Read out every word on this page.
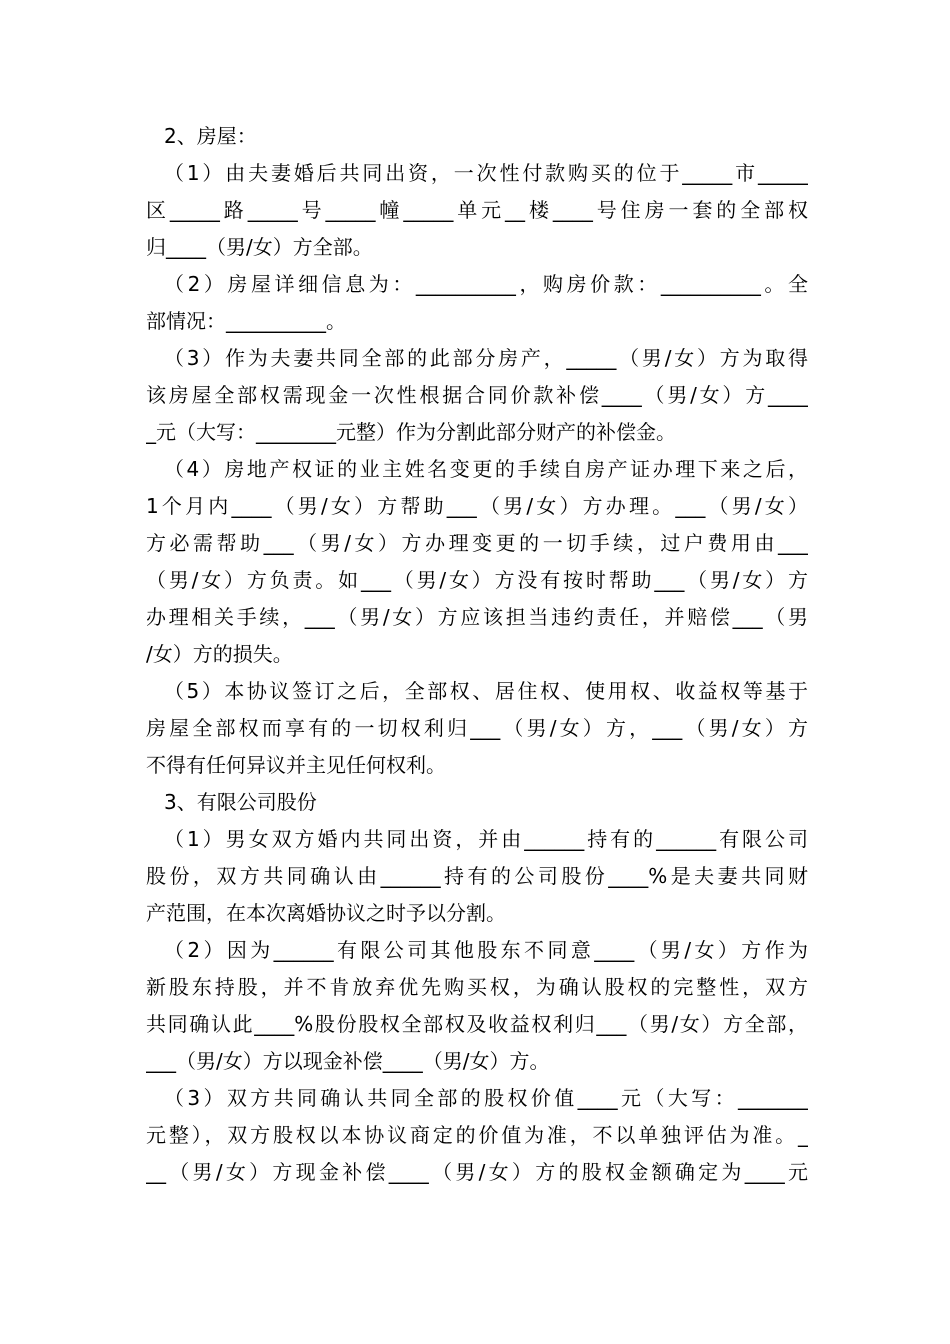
2、房屋：
（1）由夫妻婚后共同出资，一次性付款购买的位于_____市_____
区_____路_____号_____幢_____单元__楼____号住房一套的全部权
归____（男/女）方全部。
（2）房屋详细信息为：__________，购房价款：__________。全
部情况：__________。
（3）作为夫妻共同全部的此部分房产，_____（男/女）方为取得
该房屋全部权需现金一次性根据合同价款补偿____（男/女）方____
_元（大写：________元整）作为分割此部分财产的补偿金。
（4）房地产权证的业主姓名变更的手续自房产证办理下来之后，
1个月内____（男/女）方帮助___（男/女）方办理。___（男/女）
方必需帮助___（男/女）方办理变更的一切手续，过户费用由___
（男/女）方负责。如___（男/女）方没有按时帮助___（男/女）方
办理相关手续，___（男/女）方应该担当违约责任，并赔偿___（男
/女）方的损失。
（5）本协议签订之后，全部权、居住权、使用权、收益权等基于
房屋全部权而享有的一切权利归___（男/女）方，___（男/女）方
不得有任何异议并主见任何权利。
3、有限公司股份
（1）男女双方婚内共同出资，并由______持有的______有限公司
股份，双方共同确认由______持有的公司股份____%是夫妻共同财
产范围，在本次离婚协议之时予以分割。
（2）因为______有限公司其他股东不同意____（男/女）方作为
新股东持股，并不肯放弃优先购买权，为确认股权的完整性，双方
共同确认此____%股份股权全部权及收益权利归___（男/女）方全部，
___（男/女）方以现金补偿____（男/女）方。
（3）双方共同确认共同全部的股权价值____元（大写：_______
元整），双方股权以本协议商定的价值为准，不以单独评估为准。_
__（男/女）方现金补偿____（男/女）方的股权金额确定为____元
